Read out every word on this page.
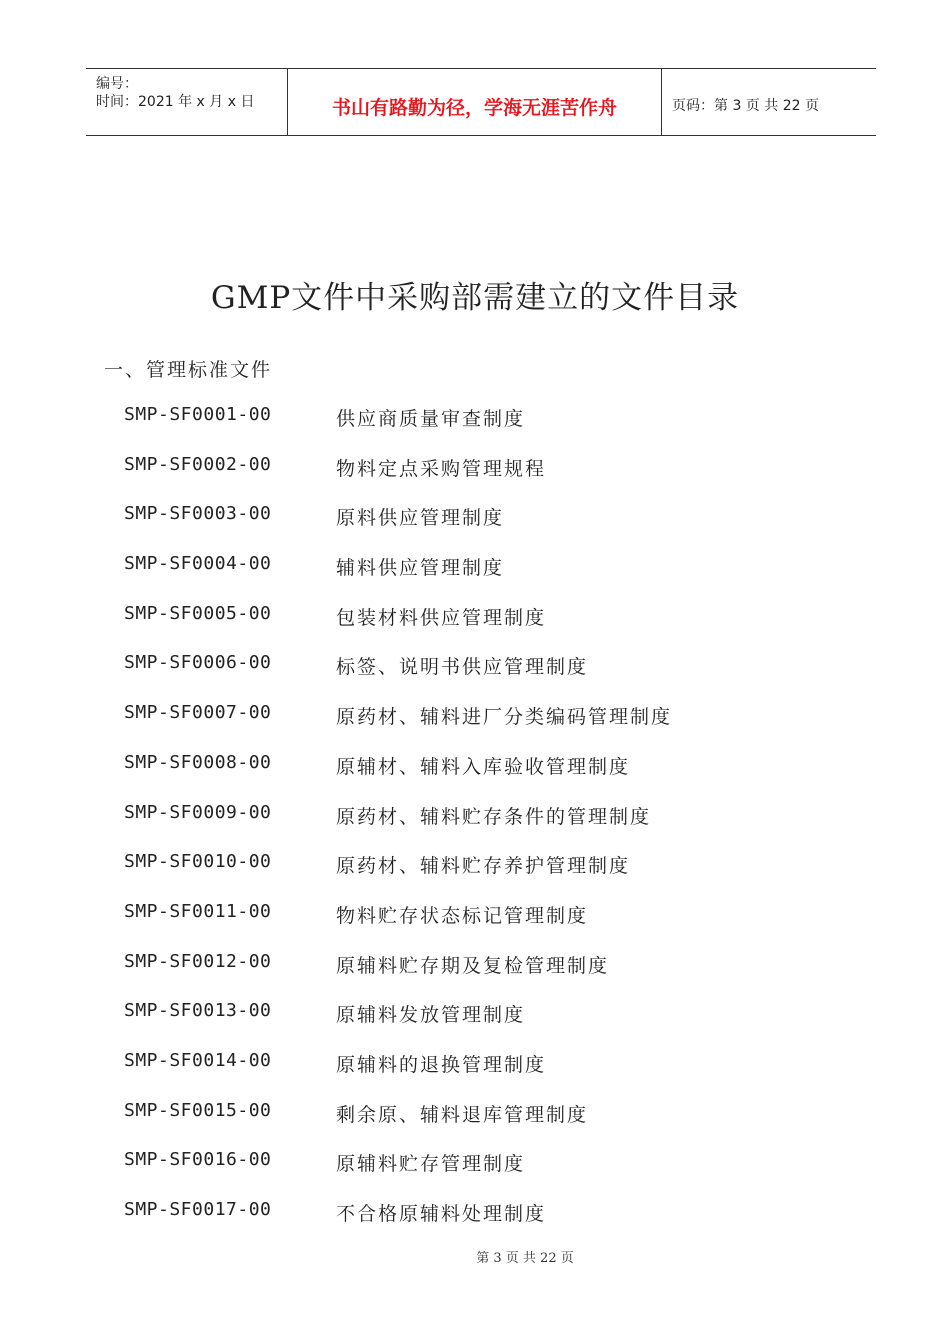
编号：
时间：2021 年 x 月 x 日	书山有路勤为径，学海无涯苦作舟	页码：第 3 页 共 22 页
GMP文件中采购部需建立的文件目录
一、管理标准文件
SMP-SF0001-00	供应商质量审查制度
SMP-SF0002-00	物料定点采购管理规程
SMP-SF0003-00	原料供应管理制度
SMP-SF0004-00	辅料供应管理制度
SMP-SF0005-00	包装材料供应管理制度
SMP-SF0006-00	标签、说明书供应管理制度
SMP-SF0007-00	原药材、辅料进厂分类编码管理制度
SMP-SF0008-00	原辅材、辅料入库验收管理制度
SMP-SF0009-00	原药材、辅料贮存条件的管理制度
SMP-SF0010-00	原药材、辅料贮存养护管理制度
SMP-SF0011-00	物料贮存状态标记管理制度
SMP-SF0012-00	原辅料贮存期及复检管理制度
SMP-SF0013-00	原辅料发放管理制度
SMP-SF0014-00	原辅料的退换管理制度
SMP-SF0015-00	剩余原、辅料退库管理制度
SMP-SF0016-00	原辅料贮存管理制度
SMP-SF0017-00	不合格原辅料处理制度
第 3 页 共 22 页
